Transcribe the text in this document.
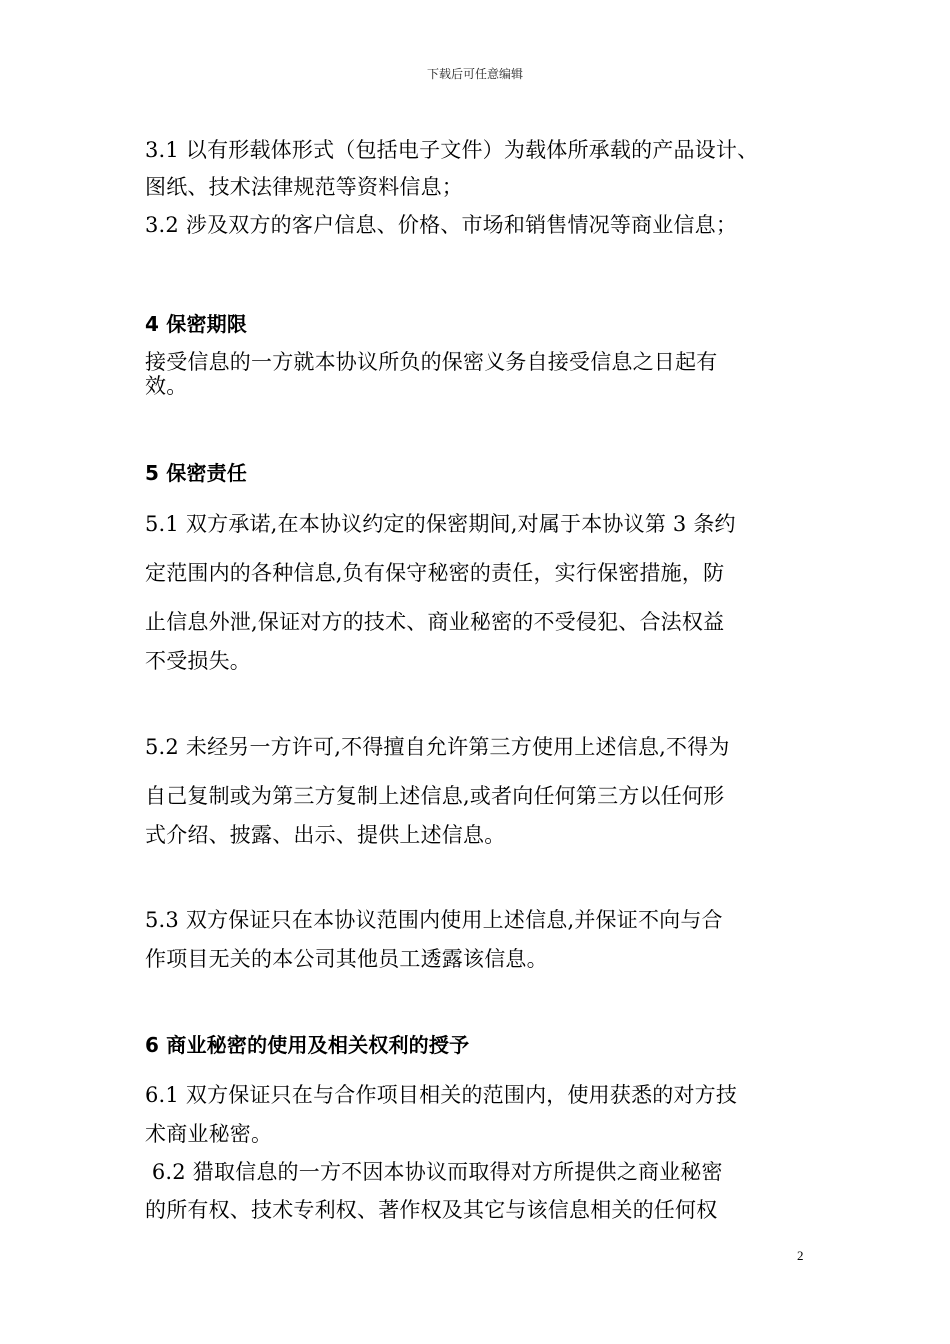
下载后可任意编辑
3.1 以有形载体形式（包括电子文件）为载体所承载的产品设计、
图纸、技术法律规范等资料信息；
3.2 涉及双方的客户信息、价格、市场和销售情况等商业信息；
4 保密期限
接受信息的一方就本协议所负的保密义务自接受信息之日起有
效。
5 保密责任
5.1 双方承诺,在本协议约定的保密期间,对属于本协议第 3 条约
定范围内的各种信息,负有保守秘密的责任，实行保密措施，防
止信息外泄,保证对方的技术、商业秘密的不受侵犯、合法权益
不受损失。
5.2 未经另一方许可,不得擅自允许第三方使用上述信息,不得为
自己复制或为第三方复制上述信息,或者向任何第三方以任何形
式介绍、披露、出示、提供上述信息。
5.3 双方保证只在本协议范围内使用上述信息,并保证不向与合
作项目无关的本公司其他员工透露该信息。
6 商业秘密的使用及相关权利的授予
6.1 双方保证只在与合作项目相关的范围内，使用获悉的对方技
术商业秘密。
6.2 猎取信息的一方不因本协议而取得对方所提供之商业秘密
的所有权、技术专利权、著作权及其它与该信息相关的任何权
2
